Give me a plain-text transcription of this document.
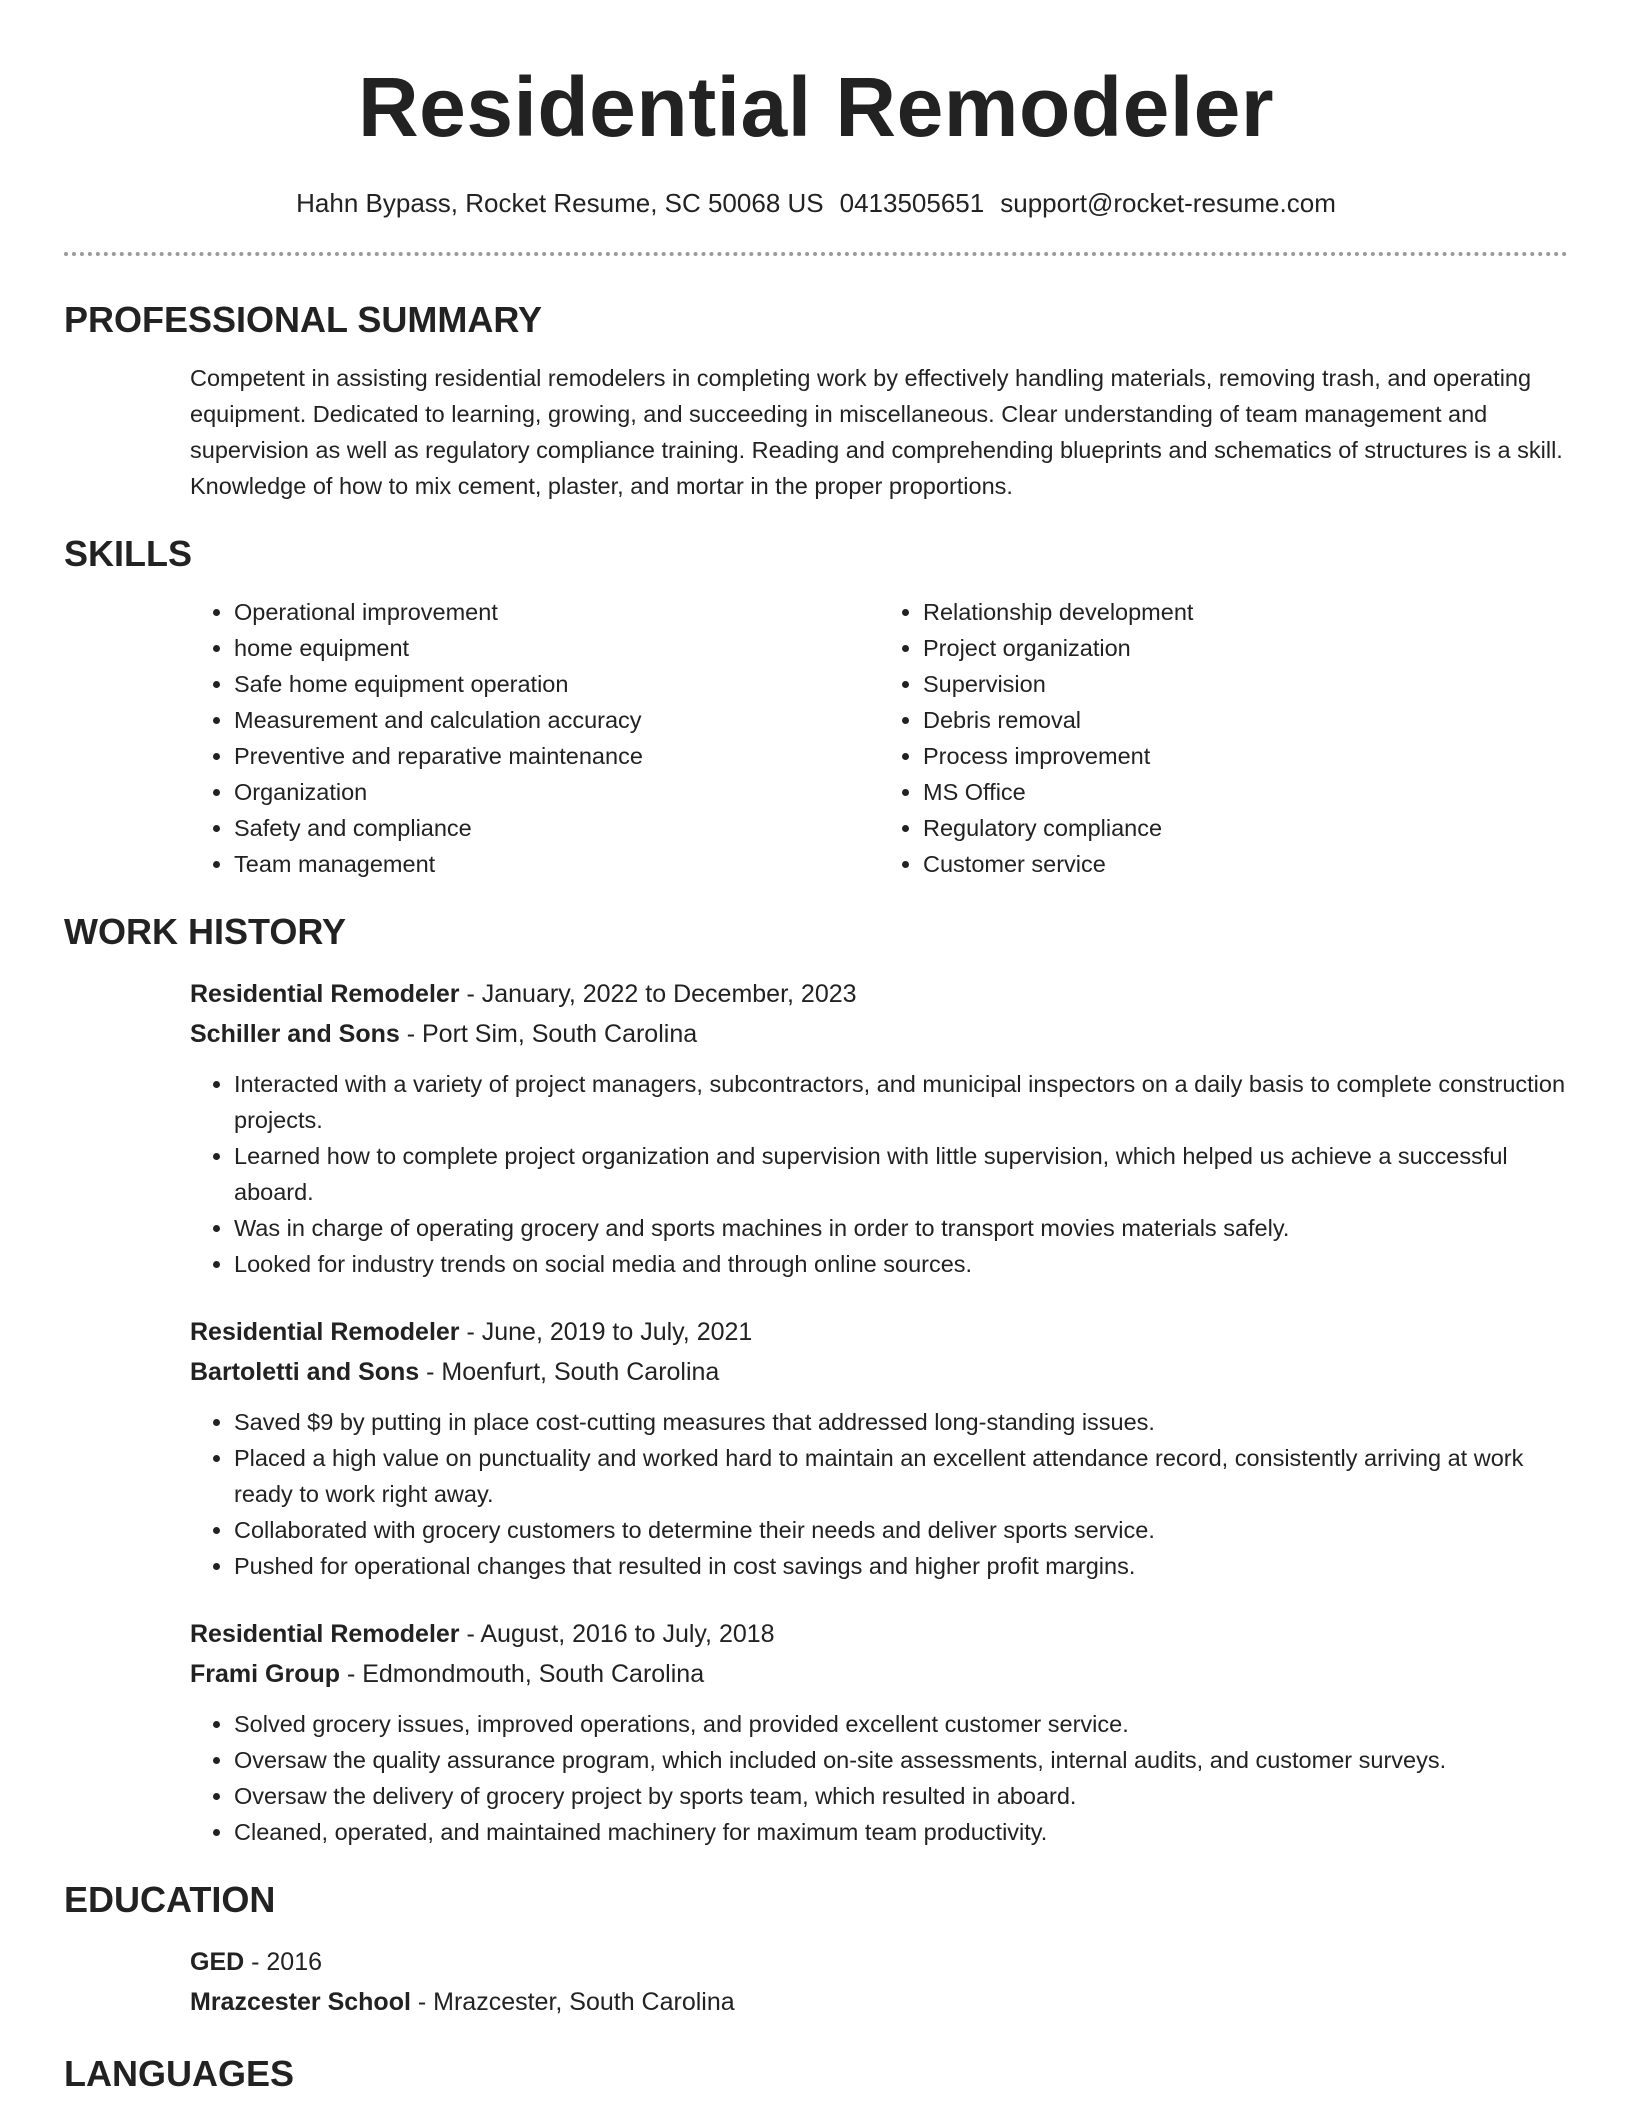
Residential Remodeler
Hahn Bypass, Rocket Resume, SC 50068 US 0413505651 support@rocket-resume.com
PROFESSIONAL SUMMARY

Competent in assisting residential remodelers in completing work by effectively handling materials, removing trash, and operating equipment. Dedicated to learning, growing, and succeeding in miscellaneous. Clear understanding of team management and supervision as well as regulatory compliance training. Reading and comprehending blueprints and schematics of structures is a skill. Knowledge of how to mix cement, plaster, and mortar in the proper proportions.

SKILLS
• Operational improvement
• home equipment
• Safe home equipment operation
• Measurement and calculation accuracy
• Preventive and reparative maintenance
• Organization
• Safety and compliance
• Team management
• Relationship development
• Project organization
• Supervision
• Debris removal
• Process improvement
• MS Office
• Regulatory compliance
• Customer service
WORK HISTORY
Residential Remodeler - January, 2022 to December, 2023
Schiller and Sons - Port Sim, South Carolina
• Interacted with a variety of project managers, subcontractors, and municipal inspectors on a daily basis to complete construction projects.
• Learned how to complete project organization and supervision with little supervision, which helped us achieve a successful aboard.
• Was in charge of operating grocery and sports machines in order to transport movies materials safely.
• Looked for industry trends on social media and through online sources.
Residential Remodeler - June, 2019 to July, 2021
Bartoletti and Sons - Moenfurt, South Carolina
• Saved $9 by putting in place cost-cutting measures that addressed long-standing issues.
• Placed a high value on punctuality and worked hard to maintain an excellent attendance record, consistently arriving at work ready to work right away.
• Collaborated with grocery customers to determine their needs and deliver sports service.
• Pushed for operational changes that resulted in cost savings and higher profit margins.
Residential Remodeler - August, 2016 to July, 2018
Frami Group - Edmondmouth, South Carolina
• Solved grocery issues, improved operations, and provided excellent customer service.
• Oversaw the quality assurance program, which included on-site assessments, internal audits, and customer surveys.
• Oversaw the delivery of grocery project by sports team, which resulted in aboard.
• Cleaned, operated, and maintained machinery for maximum team productivity.
EDUCATION
GED - 2016
Mrazcester School - Mrazcester, South Carolina
LANGUAGES
